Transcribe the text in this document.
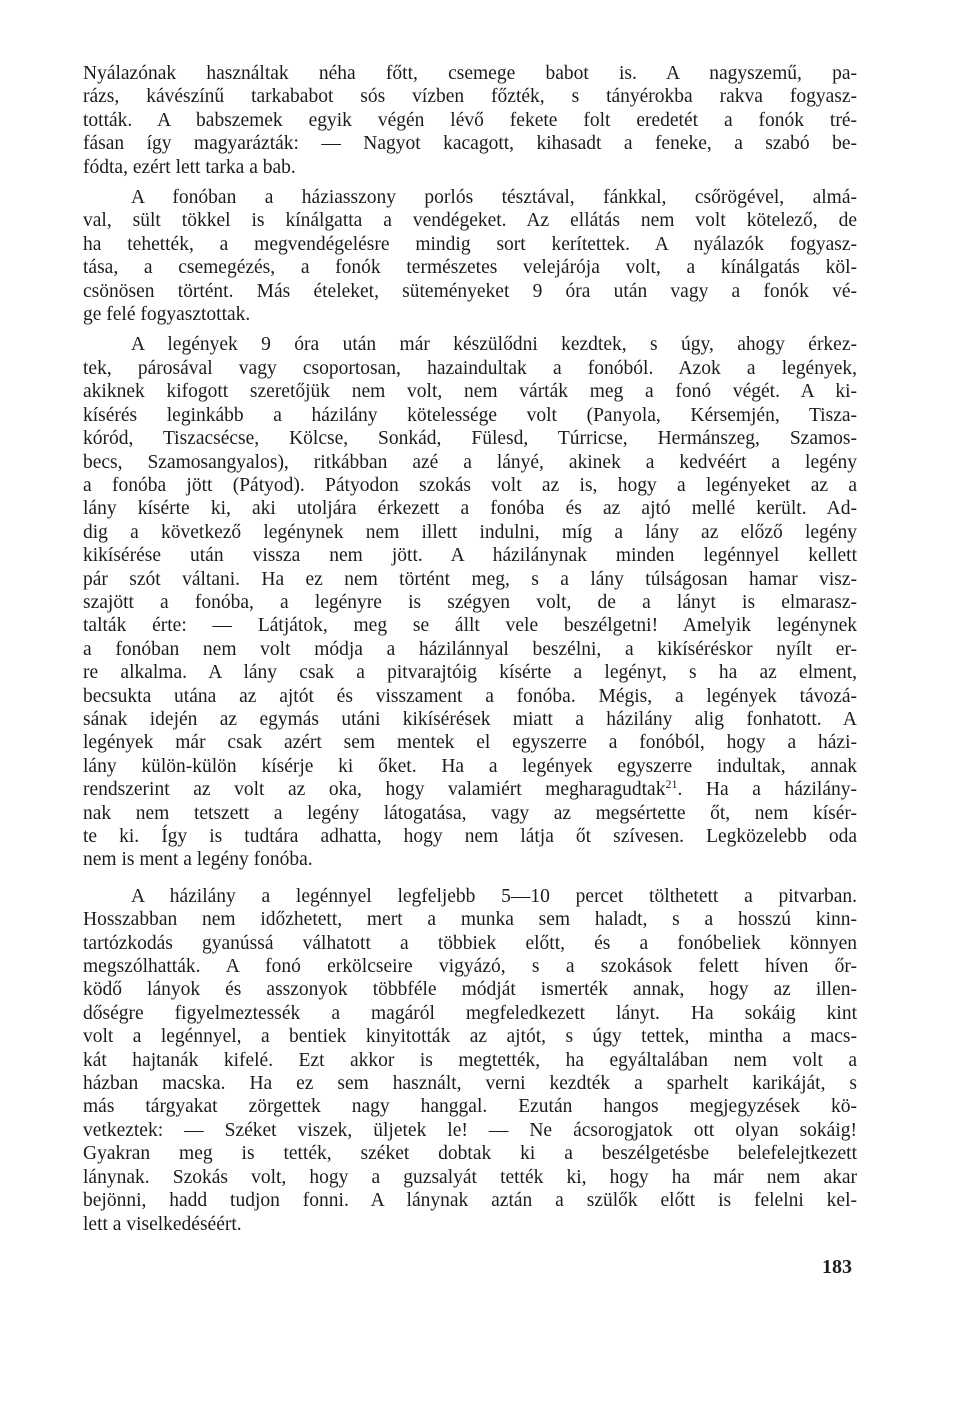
Nyálazónak használtak néha főtt, csemege babot is. A nagyszemű, pa-
rázs, kávészínű tarkababot sós vízben főzték, s tányérokba rakva fogyasz-
tották. A babszemek egyik végén lévő fekete folt eredetét a fonók tré-
fásan így magyarázták: — Nagyot kacagott, kihasadt a feneke, a szabó be-
fódta, ezért lett tarka a bab.
A fonóban a háziasszony porlós tésztával, fánkkal, csőrögével, almá-
val, sült tökkel is kínálgatta a vendégeket. Az ellátás nem volt kötelező, de
ha tehették, a megvendégelésre mindig sort kerítettek. A nyálazók fogyasz-
tása, a csemegézés, a fonók természetes velejárója volt, a kínálgatás köl-
csönösen történt. Más ételeket, süteményeket 9 óra után vagy a fonók vé-
ge felé fogyasztottak.
A legények 9 óra után már készülődni kezdtek, s úgy, ahogy érkez-
tek, párosával vagy csoportosan, hazaindultak a fonóból. Azok a legények,
akiknek kifogott szeretőjük nem volt, nem várták meg a fonó végét. A ki-
kísérés leginkább a házilány kötelessége volt (Panyola, Kérsemjén, Tisza-
kóród, Tiszacsécse, Kölcse, Sonkád, Fülesd, Túrricse, Hermánszeg, Szamos-
becs, Szamosangyalos), ritkábban azé a lányé, akinek a kedvéért a legény
a fonóba jött (Pátyod). Pátyodon szokás volt az is, hogy a legényeket az a
lány kísérte ki, aki utoljára érkezett a fonóba és az ajtó mellé került. Ad-
dig a következő legénynek nem illett indulni, míg a lány az előző legény
kikísérése után vissza nem jött. A házilánynak minden legénnyel kellett
pár szót váltani. Ha ez nem történt meg, s a lány túlságosan hamar visz-
szajött a fonóba, a legényre is szégyen volt, de a lányt is elmarasz-
talták érte: — Látjátok, meg se állt vele beszélgetni! Amelyik legénynek
a fonóban nem volt módja a házilánnyal beszélni, a kikíséréskor nyílt er-
re alkalma. A lány csak a pitvarajtóig kísérte a legényt, s ha az elment,
becsukta utána az ajtót és visszament a fonóba. Mégis, a legények távozá-
sának idején az egymás utáni kikísérések miatt a házilány alig fonhatott. A
legények már csak azért sem mentek el egyszerre a fonóból, hogy a házi-
lány külön-külön kísérje ki őket. Ha a legények egyszerre indultak, annak
rendszerint az volt az oka, hogy valamiért megharagudtak$^{21}$. Ha a házilány-
nak nem tetszett a legény látogatása, vagy az megsértette őt, nem kísér-
te ki. Így is tudtára adhatta, hogy nem látja őt szívesen. Legközelebb oda
nem is ment a legény fonóba.
A házilány a legénnyel legfeljebb 5—10 percet tölthetett a pitvarban.
Hosszabban nem időzhetett, mert a munka sem haladt, s a hosszú kinn-
tartózkodás gyanússá válhatott a többiek előtt, és a fonóbeliek könnyen
megszólhatták. A fonó erkölcseire vigyázó, s a szokások felett híven őr-
ködő lányok és asszonyok többféle módját ismerték annak, hogy az illen-
dőségre figyelmeztessék a magáról megfeledkezett lányt. Ha sokáig kint
volt a legénnyel, a bentiek kinyitották az ajtót, s úgy tettek, mintha a macs-
kát hajtanák kifelé. Ezt akkor is megtették, ha egyáltalában nem volt a
házban macska. Ha ez sem használt, verni kezdték a sparhelt karikáját, s
más tárgyakat zörgettek nagy hanggal. Ezután hangos megjegyzések kö-
vetkeztek: — Széket viszek, üljetek le! — Ne ácsorogjatok ott olyan sokáig!
Gyakran meg is tették, széket dobtak ki a beszélgetésbe belefelejtkezett
lánynak. Szokás volt, hogy a guzsalyát tették ki, hogy ha már nem akar
bejönni, hadd tudjon fonni. A lánynak aztán a szülők előtt is felelni kel-
lett a viselkedéséért.
183
